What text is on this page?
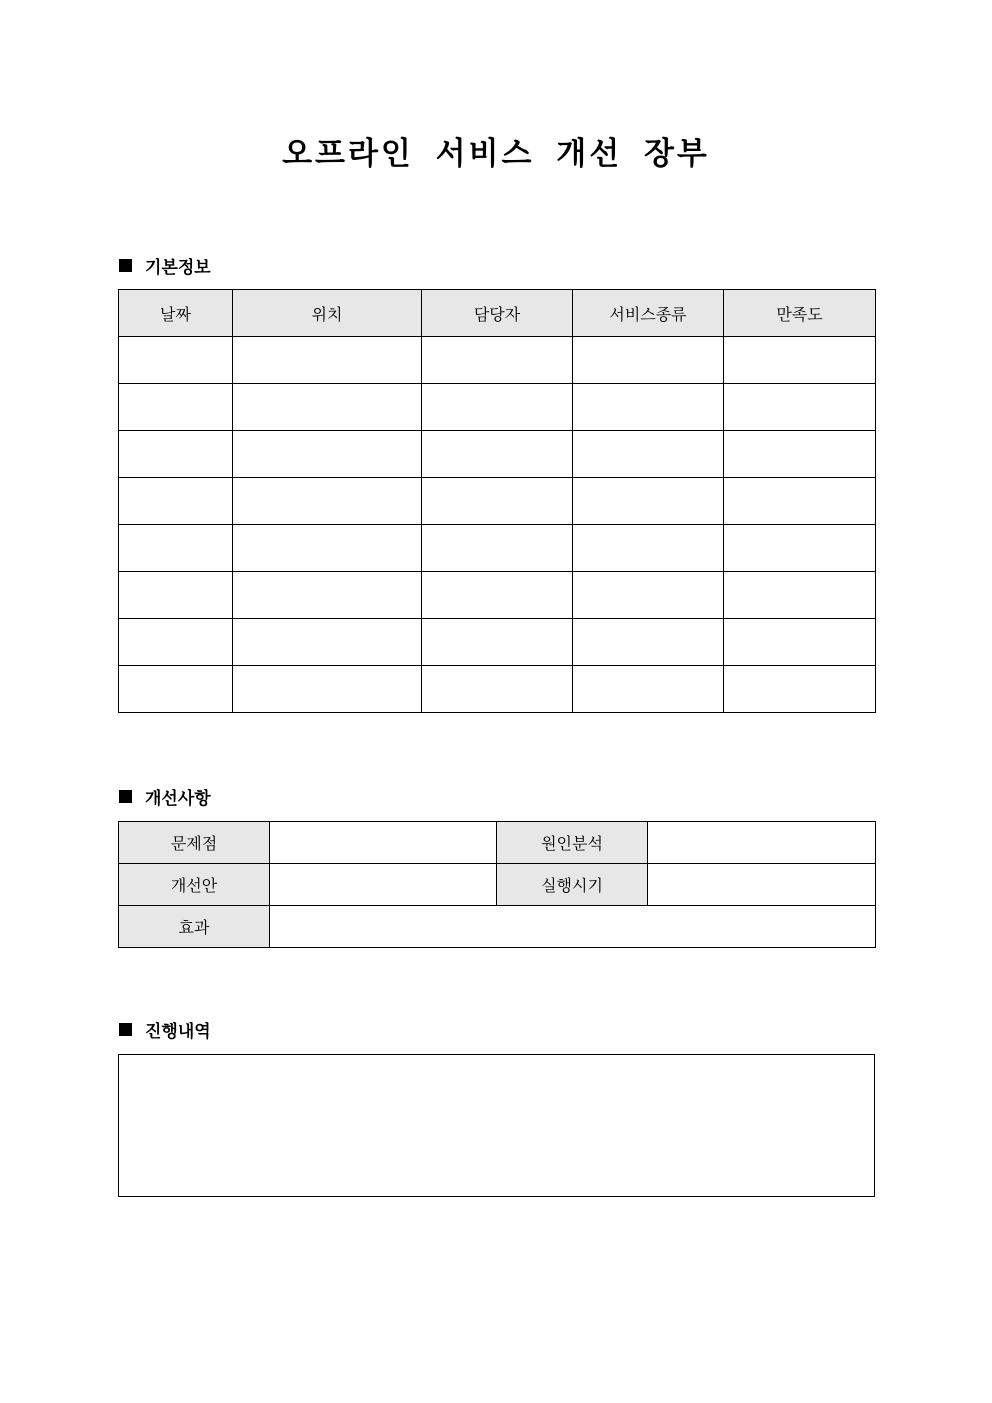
오프라인 서비스 개선 장부
기본정보
날짜	위치	담당자	서비스종류	만족도

개선사항
문제점		원인분석	
개선안		실행시기	
효과			
진행내역
